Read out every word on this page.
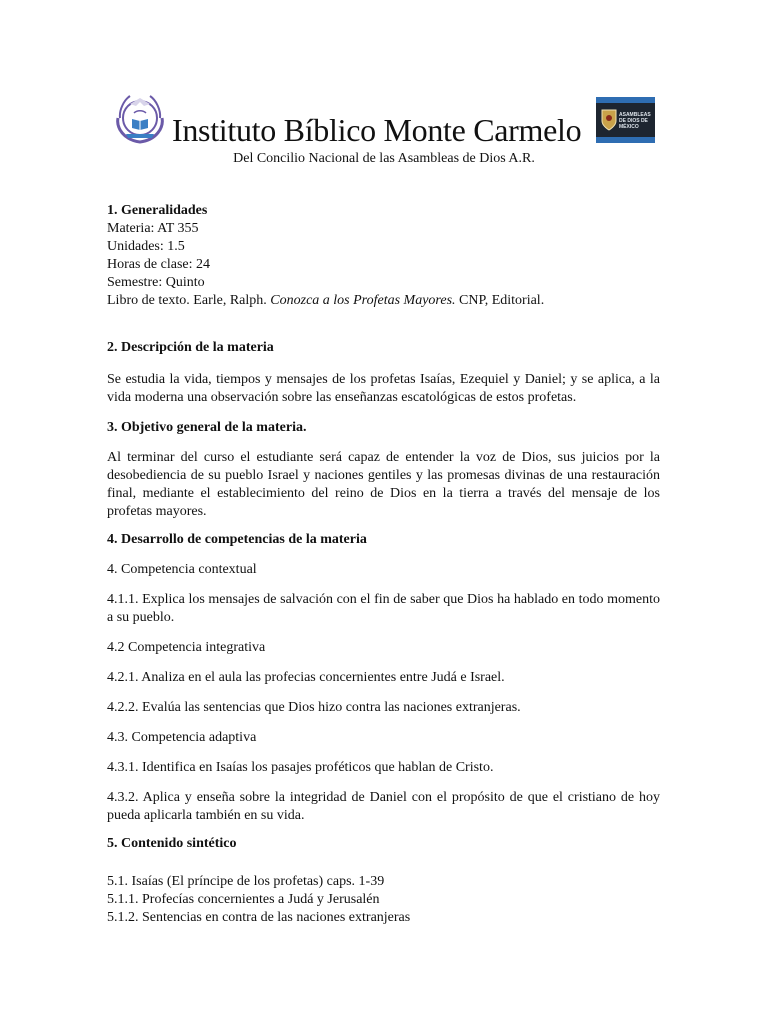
Instituto Bíblico Monte Carmelo	ASAMBLEAS DE DIOS DE MÉXICO
Del Concilio Nacional de las Asambleas de Dios A.R.

1. Generalidades

Materia: AT 355

Unidades: 1.5

Horas de clase: 24

Semestre: Quinto

Libro de texto. Earle, Ralph. Conozca a los Profetas Mayores. CNP, Editorial.

2. Descripción de la materia

Se estudia la vida, tiempos y mensajes de los profetas Isaías, Ezequiel y Daniel; y se aplica, a la vida moderna una observación sobre las enseñanzas escatológicas de estos profetas.

3. Objetivo general de la materia.

Al terminar del curso el estudiante será capaz de entender la voz de Dios, sus juicios por la desobediencia de su pueblo Israel y naciones gentiles y las promesas divinas de una restauración final, mediante el establecimiento del reino de Dios en la tierra a través del mensaje de los profetas mayores.

4. Desarrollo de competencias de la materia

4. Competencia contextual

4.1.1. Explica los mensajes de salvación con el fin de saber que Dios ha hablado en todo momento a su pueblo.

4.2 Competencia integrativa

4.2.1. Analiza en el aula las profecias concernientes entre Judá e Israel.

4.2.2. Evalúa las sentencias que Dios hizo contra las naciones extranjeras.

4.3. Competencia adaptiva

4.3.1. Identifica en Isaías los pasajes proféticos que hablan de Cristo.

4.3.2. Aplica y enseña sobre la integridad de Daniel con el propósito de que el cristiano de hoy pueda aplicarla también en su vida.

5. Contenido sintético

5.1. Isaías (El príncipe de los profetas) caps. 1-39

5.1.1. Profecías concernientes a Judá y Jerusalén

5.1.2. Sentencias en contra de las naciones extranjeras
